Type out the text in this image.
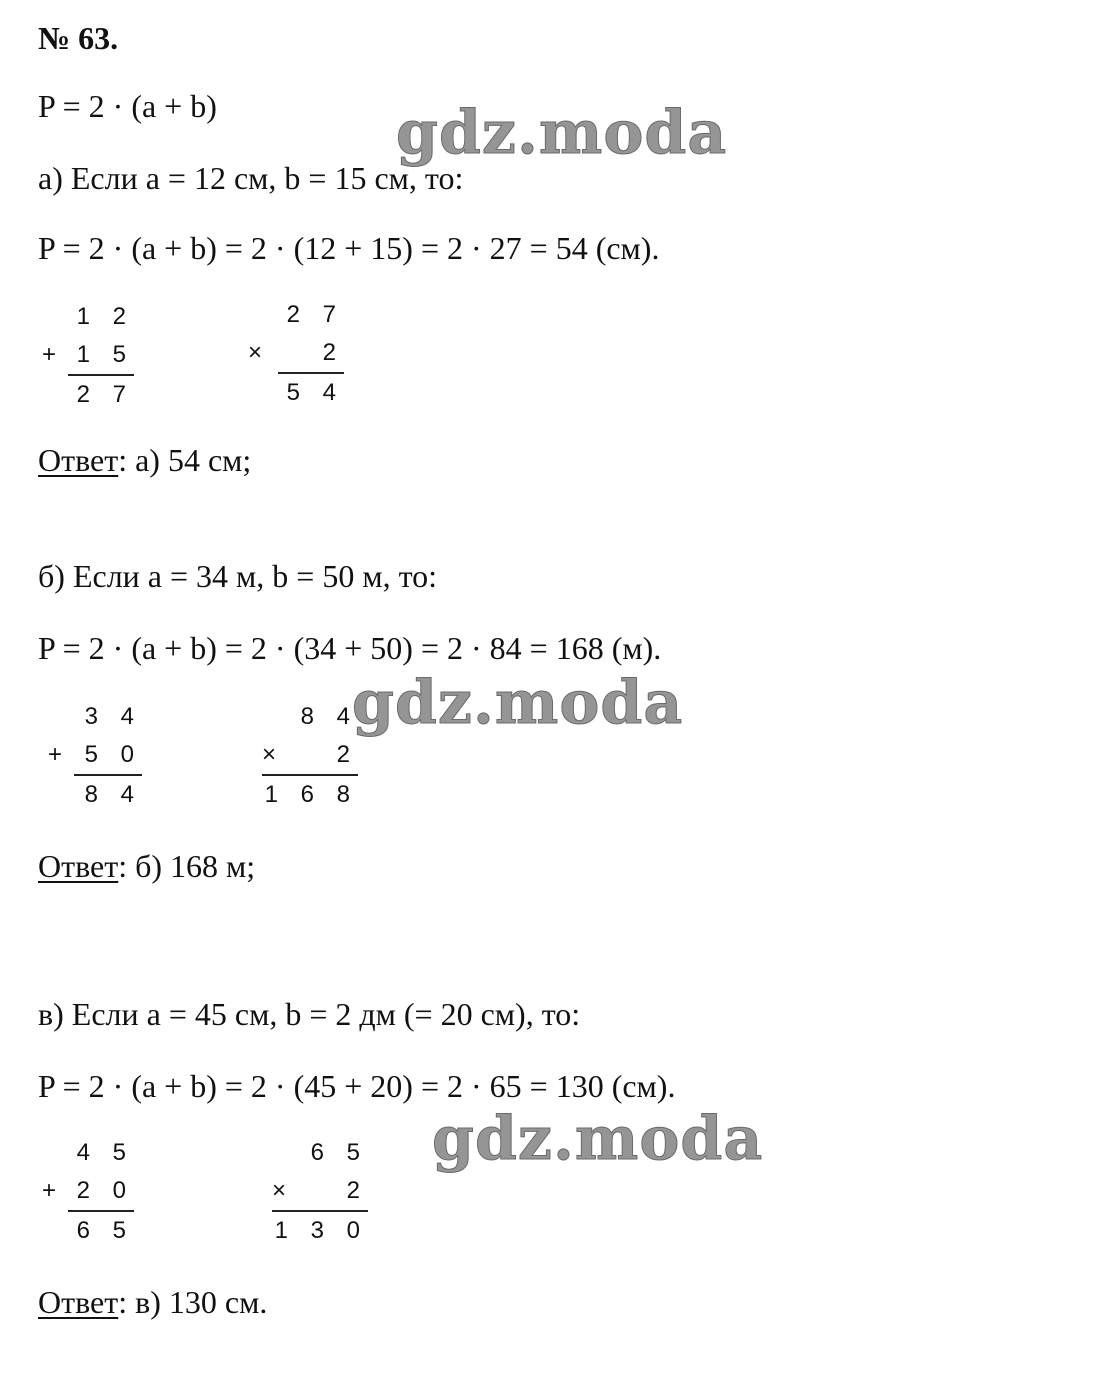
№ 63.
P = 2 · (a + b)
а) Если a = 12 см, b = 15 см, то:
P = 2 · (a + b) = 2 · (12 + 15) = 2 · 27 = 54 (см).
+
1 2
1 5
2 7
×
2 7
2
5 4
Ответ: а) 54 см;
б) Если a = 34 м, b = 50 м, то:
P = 2 · (a + b) = 2 · (34 + 50) = 2 · 84 = 168 (м).
+
3 4
5 0
8 4
×
8 4
2
1 6 8
Ответ: б) 168 м;
в) Если a = 45 см, b = 2 дм (= 20 см), то:
P = 2 · (a + b) = 2 · (45 + 20) = 2 · 65 = 130 (см).
+
4 5
2 0
6 5
×
6 5
2
1 3 0
Ответ: в) 130 см.
gdz.moda
gdz.moda
gdz.moda
